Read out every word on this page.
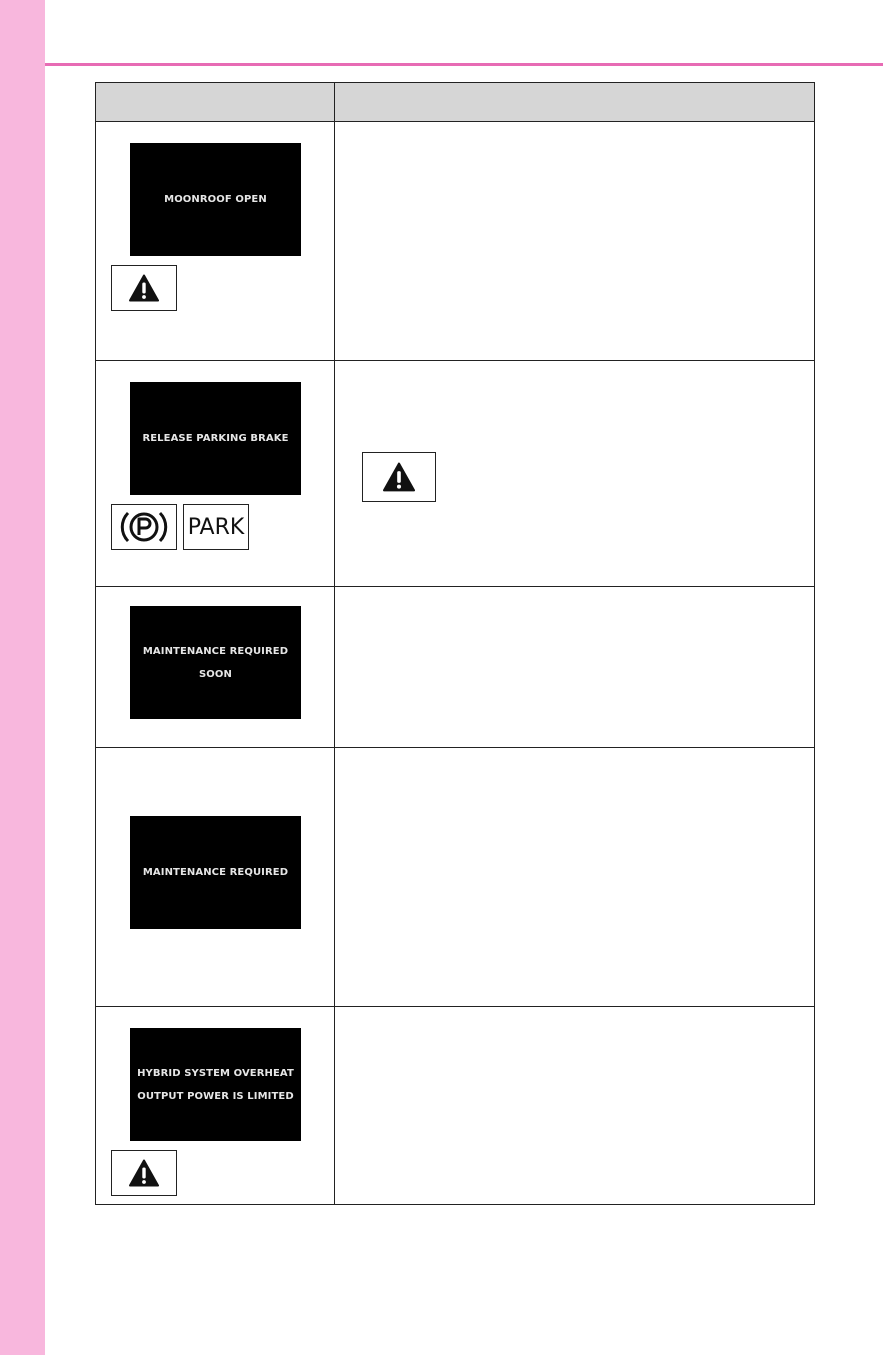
MOONROOF OPEN	

RELEASE PARKING BRAKE
PARK

MAINTENANCE REQUIRED
SOON	

MAINTENANCE REQUIRED	

HYBRID SYSTEM OVERHEAT
OUTPUT POWER IS LIMITED	
